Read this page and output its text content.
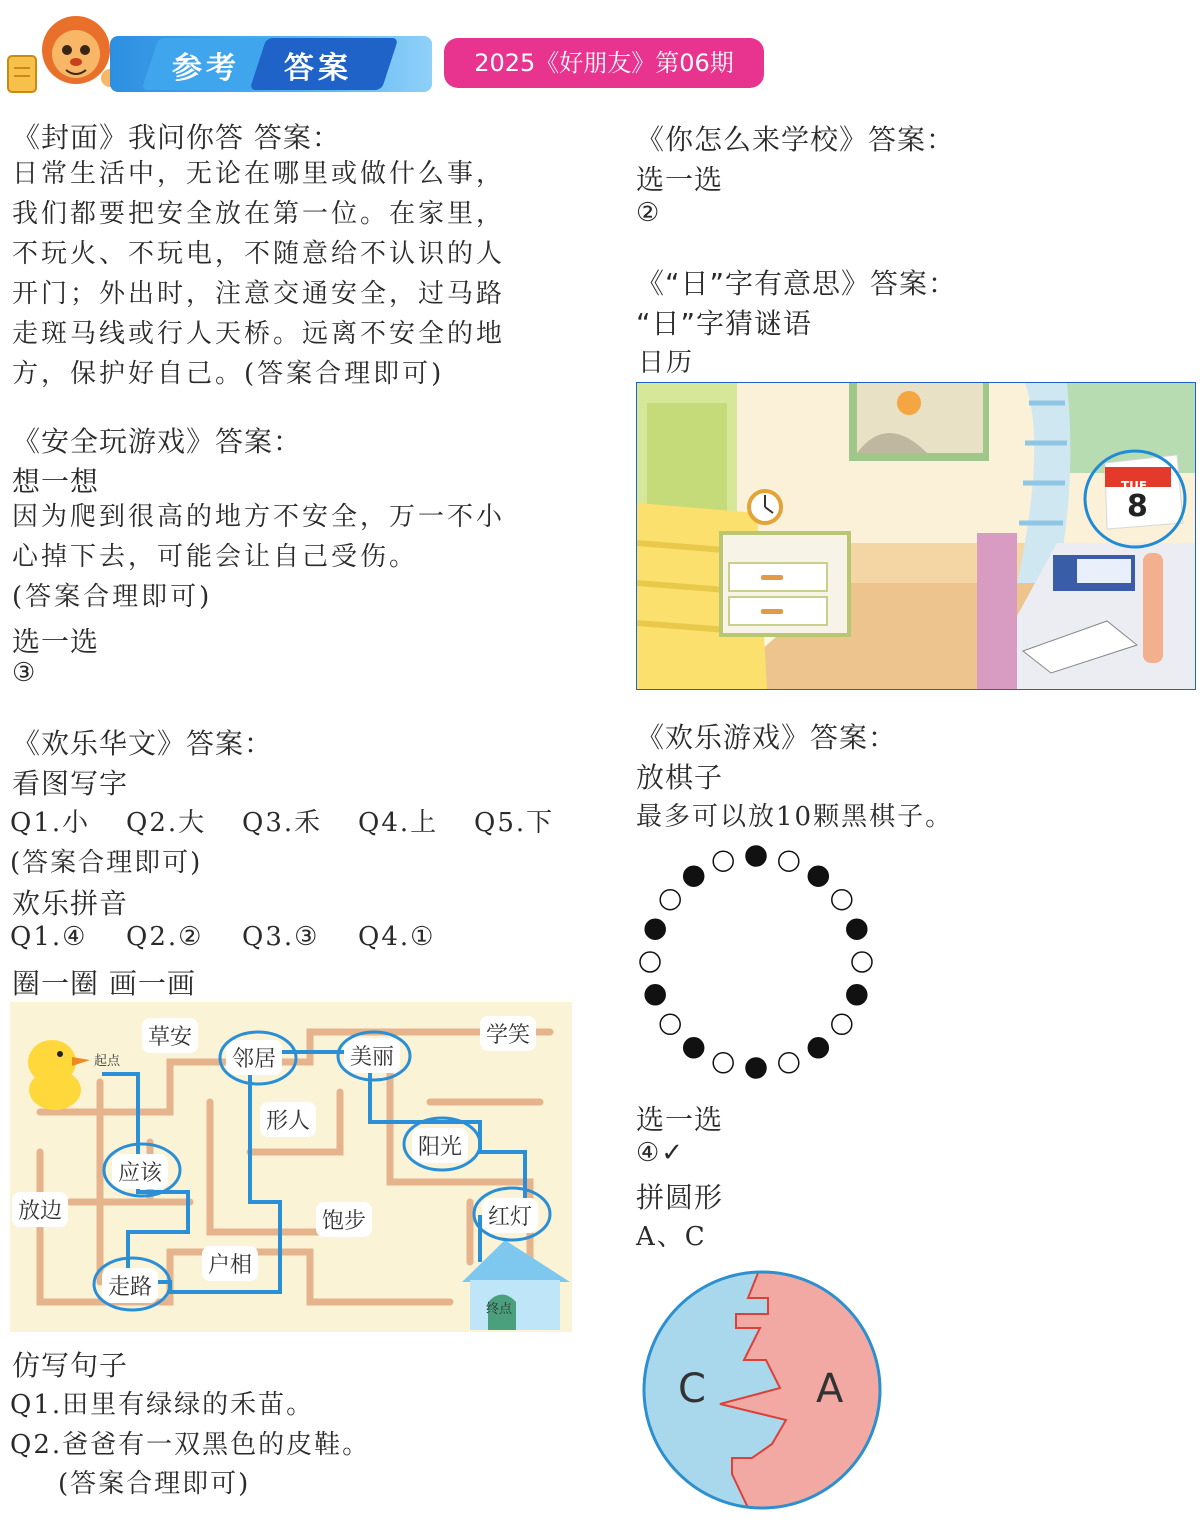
参考 答案	2025《好朋友》第06期
《封面》我问你答 答案：
日常生活中，无论在哪里或做什么事，
我们都要把安全放在第一位。在家里，
不玩火、不玩电，不随意给不认识的人
开门；外出时，注意交通安全，过马路
走斑马线或行人天桥。远离不安全的地
方，保护好自己。(答案合理即可)
《安全玩游戏》答案：
想一想
因为爬到很高的地方不安全，万一不小
心掉下去，可能会让自己受伤。
(答案合理即可)
选一选
③
《欢乐华文》答案：
看图写字
Q1.小 Q2.大 Q3.禾 Q4.上 Q5.下
(答案合理即可)
欢乐拼音
Q1.④ Q2.② Q3.③ Q4.①
圈一圈 画一画
起点
终点
草安
邻居	美丽
学笑
形人
阳光
应该
放边	饱步	红灯
户相
走路
仿写句子
Q1.田里有绿绿的禾苗。
Q2.爸爸有一双黑色的皮鞋。
(答案合理即可)
《你怎么来学校》答案：
选一选
②
《“日”字有意思》答案：
“日”字猜谜语
日历
TUE
8
《欢乐游戏》答案：
放棋子
最多可以放10颗黑棋子。
选一选
④✓
拼圆形
A、C
C	A
